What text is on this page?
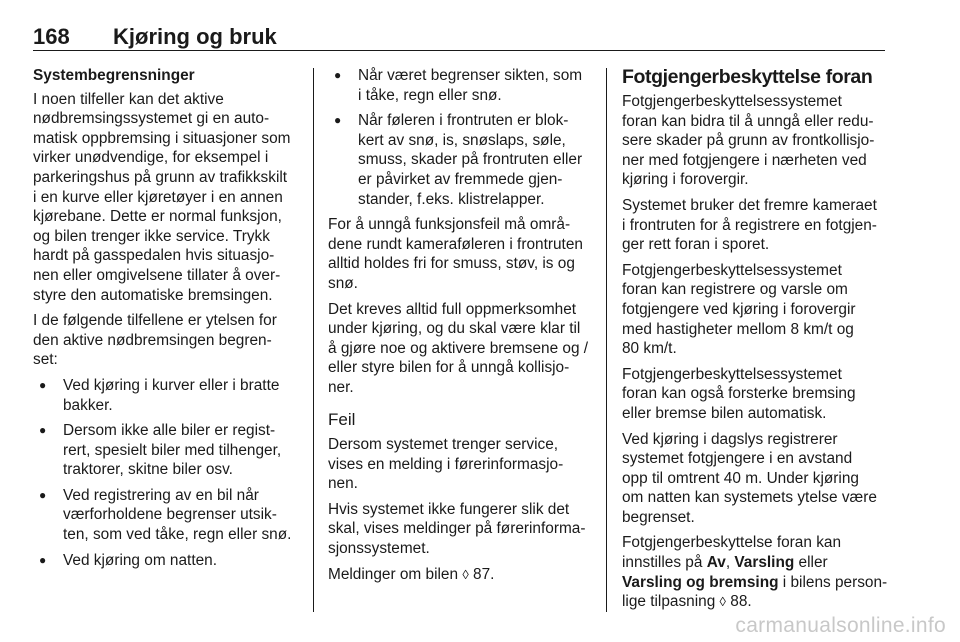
168 Kjøring og bruk
Systembegrensninger

I noen tilfeller kan det aktive
nødbremsingssystemet gi en auto-
matisk oppbremsing i situasjoner som
virker unødvendige, for eksempel i
parkeringshus på grunn av trafikkskilt
i en kurve eller kjøretøyer i en annen
kjørebane. Dette er normal funksjon,
og bilen trenger ikke service. Trykk
hardt på gasspedalen hvis situasjo-
nen eller omgivelsene tillater å over-
styre den automatiske bremsingen.

I de følgende tilfellene er ytelsen for
den aktive nødbremsingen begren-
set:

● Ved kjøring i kurver eller i bratte
bakker.
● Dersom ikke alle biler er regist-
rert, spesielt biler med tilhenger,
traktorer, skitne biler osv.
● Ved registrering av en bil når
værforholdene begrenser utsik-
ten, som ved tåke, regn eller snø.
● Ved kjøring om natten.
● Når været begrenser sikten, som
i tåke, regn eller snø.
● Når føleren i frontruten er blok-
kert av snø, is, snøslaps, søle,
smuss, skader på frontruten eller
er påvirket av fremmede gjen-
stander, f.eks. klistrelapper.

For å unngå funksjonsfeil må områ-
dene rundt kameraføleren i frontruten
alltid holdes fri for smuss, støv, is og
snø.

Det kreves alltid full oppmerksomhet
under kjøring, og du skal være klar til
å gjøre noe og aktivere bremsene og /
eller styre bilen for å unngå kollisjo-
ner.

Feil

Dersom systemet trenger service,
vises en melding i førerinformasjo-
nen.

Hvis systemet ikke fungerer slik det
skal, vises meldinger på førerinforma-
sjonssystemet.

Meldinger om bilen ◊ 87.

Fotgjengerbeskyttelse foran

Fotgjengerbeskyttelsessystemet
foran kan bidra til å unngå eller redu-
sere skader på grunn av frontkollisjo-
ner med fotgjengere i nærheten ved
kjøring i forovergir.

Systemet bruker det fremre kameraet
i frontruten for å registrere en fotgjen-
ger rett foran i sporet.

Fotgjengerbeskyttelsessystemet
foran kan registrere og varsle om
fotgjengere ved kjøring i forovergir
med hastigheter mellom 8 km/t og
80 km/t.

Fotgjengerbeskyttelsessystemet
foran kan også forsterke bremsing
eller bremse bilen automatisk.

Ved kjøring i dagslys registrerer
systemet fotgjengere i en avstand
opp til omtrent 40 m. Under kjøring
om natten kan systemets ytelse være
begrenset.

Fotgjengerbeskyttelse foran kan
innstilles på Av, Varsling eller
Varsling og bremsing i bilens person-
lige tilpasning ◊ 88.

carmanualsonline.info
